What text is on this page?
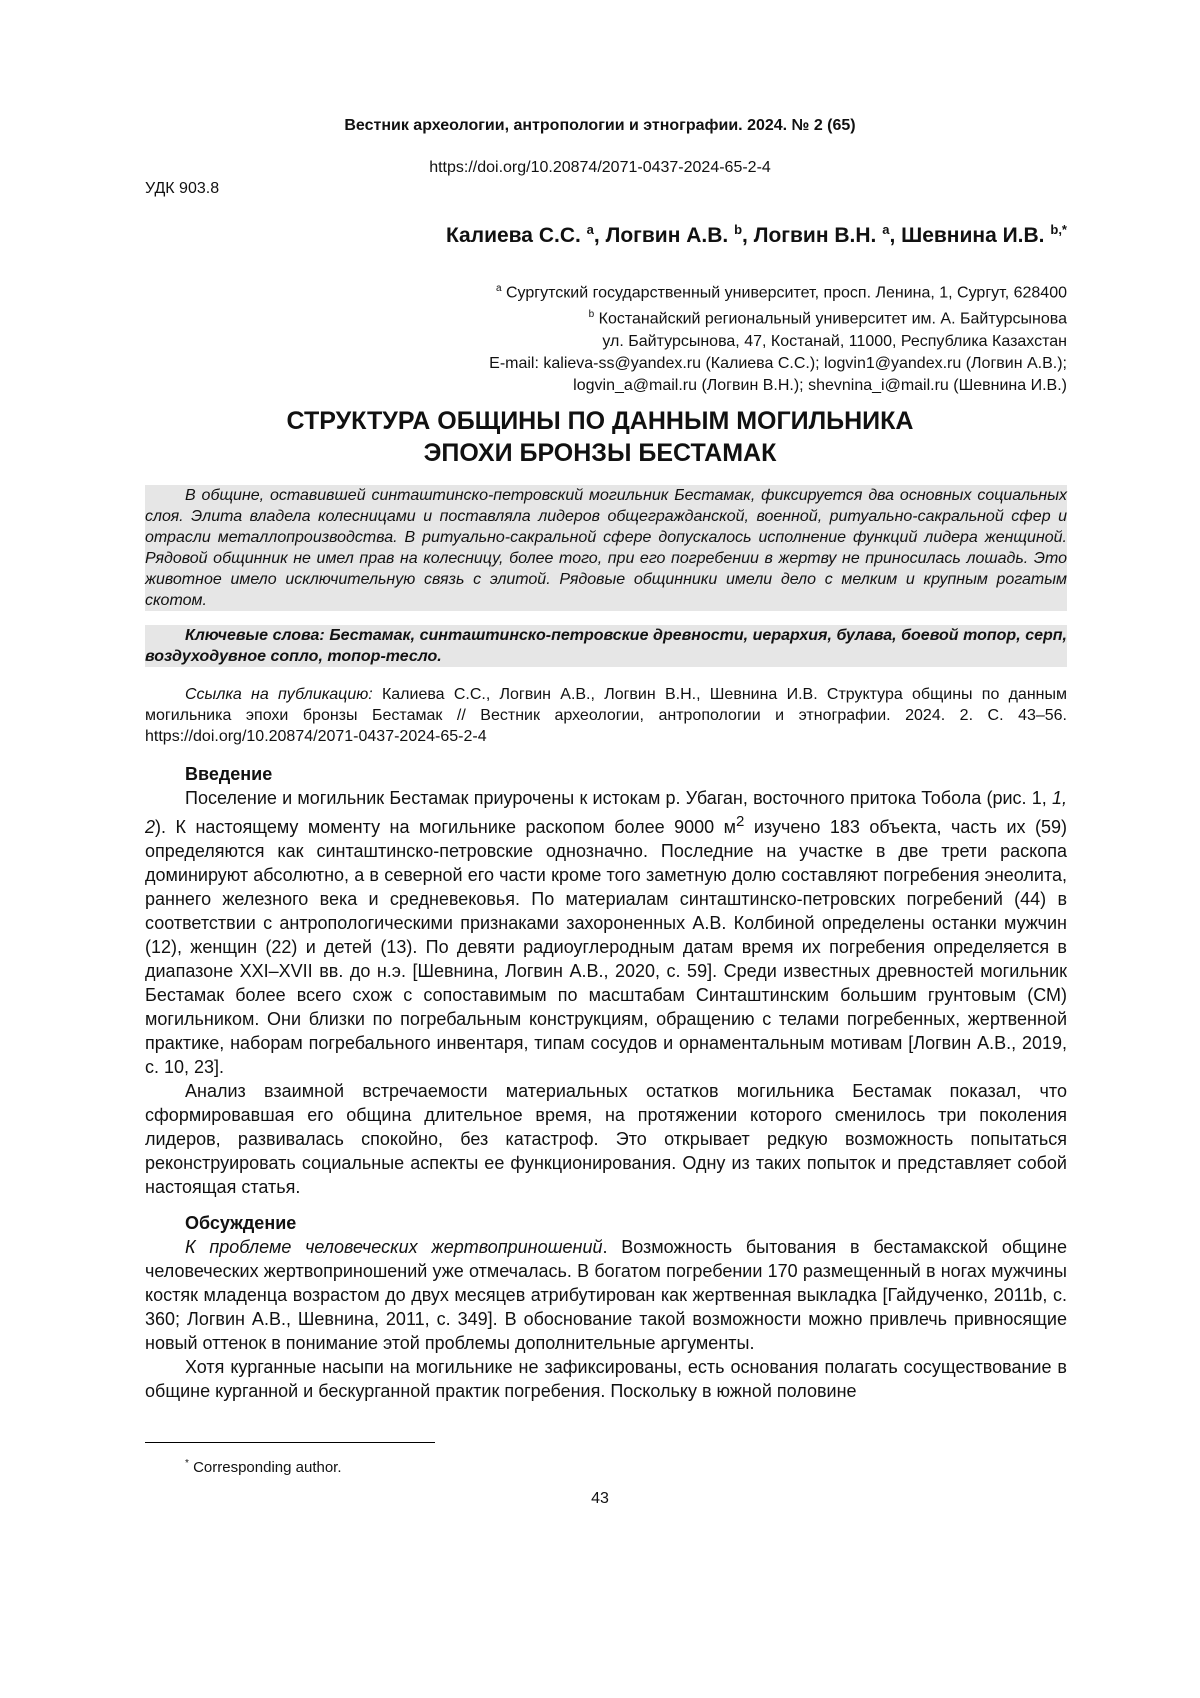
Вестник археологии, антропологии и этнографии. 2024. № 2 (65)
https://doi.org/10.20874/2071-0437-2024-65-2-4
УДК 903.8
Калиева С.С. $^a$, Логвин А.В. $^b$, Логвин В.Н. $^a$, Шевнина И.В. $^{b,*}$
$^a$ Сургутский государственный университет, просп. Ленина, 1, Сургут, 628400
$^b$ Костанайский региональный университет им. А. Байтурсынова
ул. Байтурсынова, 47, Костанай, 11000, Республика Казахстан
E-mail: kalieva-ss@yandex.ru (Калиева С.С.); logvin1@yandex.ru (Логвин А.В.);
logvin_a@mail.ru (Логвин В.Н.); shevnina_i@mail.ru (Шевнина И.В.)
СТРУКТУРА ОБЩИНЫ ПО ДАННЫМ МОГИЛЬНИКА
ЭПОХИ БРОНЗЫ БЕСТАМАК

В общине, оставившей синташтинско-петровский могильник Бестамак, фиксируется два основных социальных слоя. Элита владела колесницами и поставляла лидеров общегражданской, военной, ритуально-сакральной сфер и отрасли металлопроизводства. В ритуально-сакральной сфере допускалось исполнение функций лидера женщиной. Рядовой общинник не имел прав на колесницу, более того, при его погребении в жертву не приносилась лошадь. Это животное имело исключительную связь с элитой. Рядовые общинники имели дело с мелким и крупным рогатым скотом.

Ключевые слова: Бестамак, синташтинско-петровские древности, иерархия, булава, боевой топор, серп, воздуходувное сопло, топор-тесло.

Ссылка на публикацию: Калиева С.С., Логвин А.В., Логвин В.Н., Шевнина И.В. Структура общины по данным могильника эпохи бронзы Бестамак // Вестник археологии, антропологии и этнографии. 2024. 2. С. 43–56. https://doi.org/10.20874/2071-0437-2024-65-2-4

Введение

Поселение и могильник Бестамак приурочены к истокам р. Убаган, восточного притока Тобола (рис. 1, 1, 2). К настоящему моменту на могильнике раскопом более 9000 $м^2$ изучено 183 объекта, часть их (59) определяются как синташтинско-петровские однозначно. Последние на участке в две трети раскопа доминируют абсолютно, а в северной его части кроме того заметную долю составляют погребения энеолита, раннего железного века и средневековья. По материалам синташтинско-петровских погребений (44) в соответствии с антропологическими признаками захороненных А.В. Колбиной определены останки мужчин (12), женщин (22) и детей (13). По девяти радиоуглеродным датам время их погребения определяется в диапазоне XXI–XVII вв. до н.э. [Шевнина, Логвин А.В., 2020, с. 59]. Среди известных древностей могильник Бестамак более всего схож с сопоставимым по масштабам Синташтинским большим грунтовым (СМ) могильником. Они близки по погребальным конструкциям, обращению с телами погребенных, жертвенной практике, наборам погребального инвентаря, типам сосудов и орнаментальным мотивам [Логвин А.В., 2019, с. 10, 23].

Анализ взаимной встречаемости материальных остатков могильника Бестамак показал, что сформировавшая его община длительное время, на протяжении которого сменилось три поколения лидеров, развивалась спокойно, без катастроф. Это открывает редкую возможность попытаться реконструировать социальные аспекты ее функционирования. Одну из таких попыток и представляет собой настоящая статья.

Обсуждение

К проблеме человеческих жертвоприношений. Возможность бытования в бестамакской общине человеческих жертвоприношений уже отмечалась. В богатом погребении 170 размещенный в ногах мужчины костяк младенца возрастом до двух месяцев атрибутирован как жертвенная выкладка [Гайдученко, 2011b, с. 360; Логвин А.В., Шевнина, 2011, с. 349]. В обоснование такой возможности можно привлечь привносящие новый оттенок в понимание этой проблемы дополнительные аргументы.

Хотя курганные насыпи на могильнике не зафиксированы, есть основания полагать сосуществование в общине курганной и бескурганной практик погребения. Поскольку в южной половине

* Corresponding author.
43
